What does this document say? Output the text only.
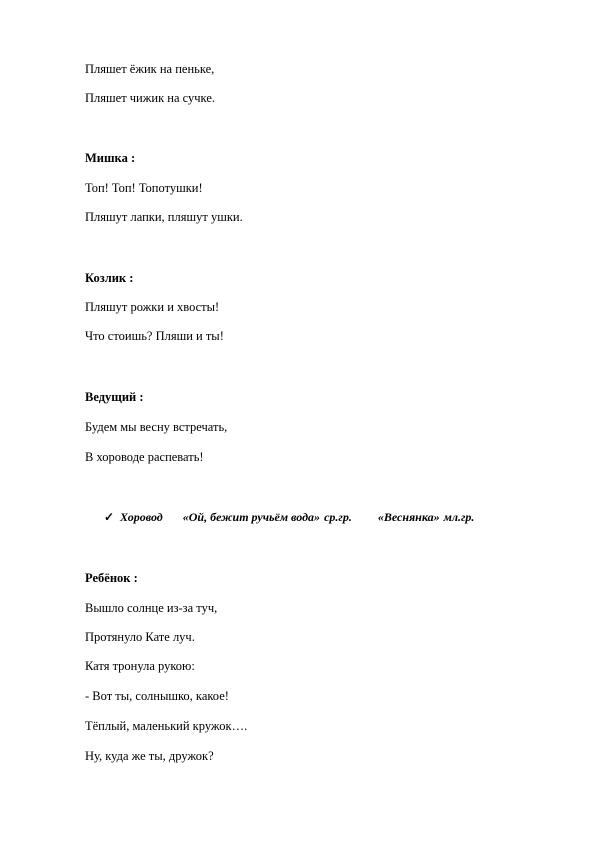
Пляшет ёжик на пеньке,
Пляшет чижик на сучке.
Мишка :
Топ! Топ! Топотушки!
Пляшут лапки, пляшут ушки.
Козлик :
Пляшут рожки и хвосты!
Что стоишь? Пляши и ты!
Ведущий :
Будем мы весну встречать,
В хороводе распевать!
✓ Хоровод «Ой, бежит ручьём вода» ср.гр. «Веснянка» мл.гр.
Ребёнок :
Вышло солнце из-за туч,
Протянуло Кате луч.
Катя тронула рукою:
- Вот ты, солнышко, какое!
Тёплый, маленький кружок….
Ну, куда же ты, дружок?
